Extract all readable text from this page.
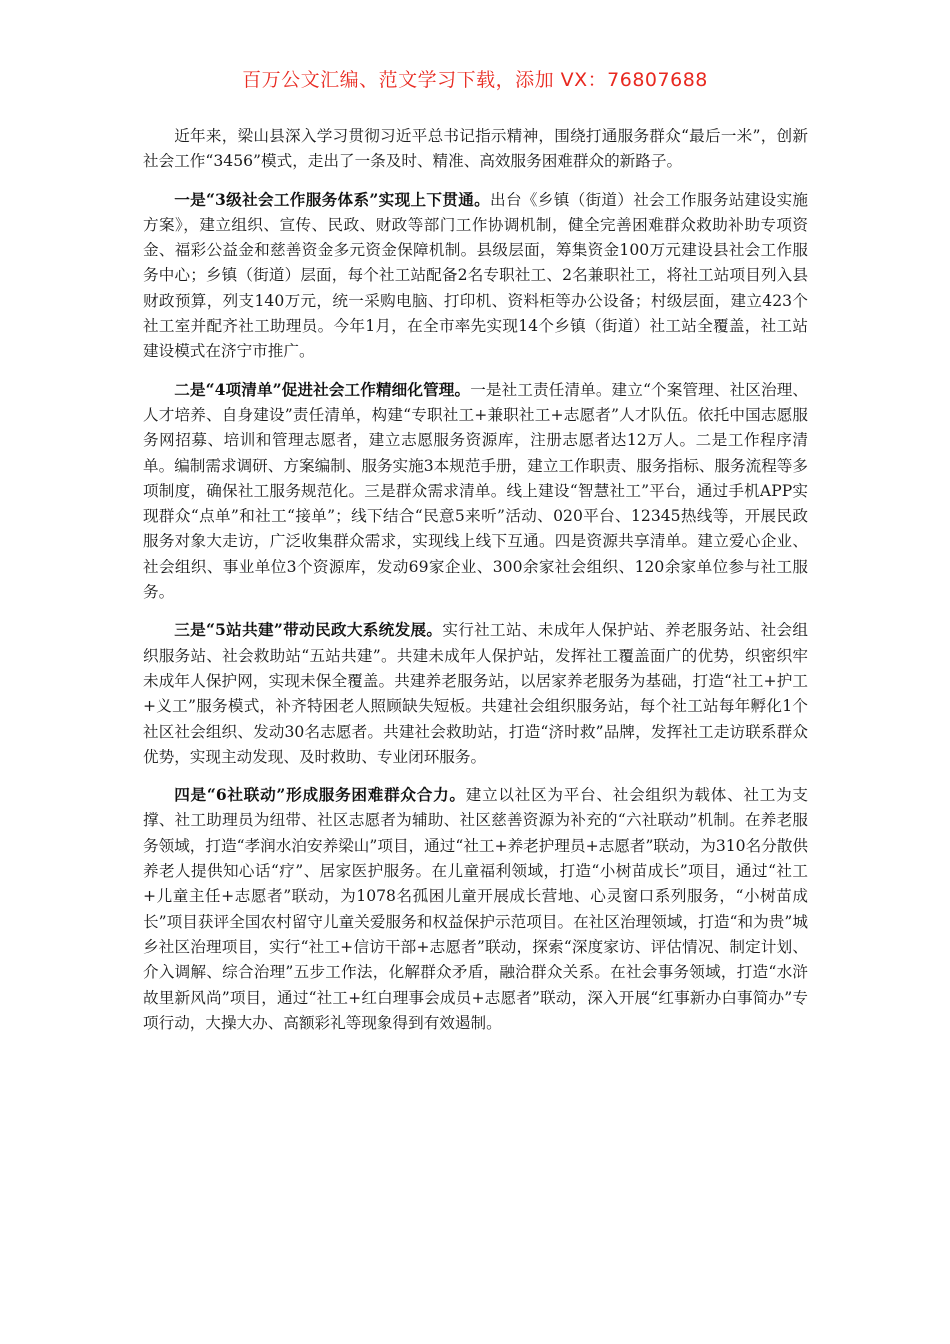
百万公文汇编、范文学习下载，添加 VX：76807688

近年来，梁山县深入学习贯彻习近平总书记指示精神，围绕打通服务群众“最后一米”，创新社会工作“3456”模式，走出了一条及时、精准、高效服务困难群众的新路子。

一是“3级社会工作服务体系”实现上下贯通。出台《乡镇（街道）社会工作服务站建设实施方案》，建立组织、宣传、民政、财政等部门工作协调机制，健全完善困难群众救助补助专项资金、福彩公益金和慈善资金多元资金保障机制。县级层面，筹集资金100万元建设县社会工作服务中心；乡镇（街道）层面，每个社工站配备2名专职社工、2名兼职社工，将社工站项目列入县财政预算，列支140万元，统一采购电脑、打印机、资料柜等办公设备；村级层面，建立423个社工室并配齐社工助理员。今年1月，在全市率先实现14个乡镇（街道）社工站全覆盖，社工站建设模式在济宁市推广。

二是“4项清单”促进社会工作精细化管理。一是社工责任清单。建立“个案管理、社区治理、人才培养、自身建设”责任清单，构建“专职社工+兼职社工+志愿者”人才队伍。依托中国志愿服务网招募、培训和管理志愿者，建立志愿服务资源库，注册志愿者达12万人。二是工作程序清单。编制需求调研、方案编制、服务实施3本规范手册，建立工作职责、服务指标、服务流程等多项制度，确保社工服务规范化。三是群众需求清单。线上建设“智慧社工”平台，通过手机APP实现群众“点单”和社工“接单”；线下结合“民意5来听”活动、020平台、12345热线等，开展民政服务对象大走访，广泛收集群众需求，实现线上线下互通。四是资源共享清单。建立爱心企业、社会组织、事业单位3个资源库，发动69家企业、300余家社会组织、120余家单位参与社工服务。

三是“5站共建”带动民政大系统发展。实行社工站、未成年人保护站、养老服务站、社会组织服务站、社会救助站“五站共建”。共建未成年人保护站，发挥社工覆盖面广的优势，织密织牢未成年人保护网，实现未保全覆盖。共建养老服务站，以居家养老服务为基础，打造“社工+护工+义工”服务模式，补齐特困老人照顾缺失短板。共建社会组织服务站，每个社工站每年孵化1个社区社会组织、发动30名志愿者。共建社会救助站，打造“济时救”品牌，发挥社工走访联系群众优势，实现主动发现、及时救助、专业闭环服务。

四是“6社联动”形成服务困难群众合力。建立以社区为平台、社会组织为载体、社工为支撑、社工助理员为纽带、社区志愿者为辅助、社区慈善资源为补充的“六社联动”机制。在养老服务领域，打造“孝润水泊安养梁山”项目，通过“社工+养老护理员+志愿者”联动，为310名分散供养老人提供知心话“疗”、居家医护服务。在儿童福利领域，打造“小树苗成长”项目，通过“社工+儿童主任+志愿者”联动，为1078名孤困儿童开展成长营地、心灵窗口系列服务，“小树苗成长”项目获评全国农村留守儿童关爱服务和权益保护示范项目。在社区治理领域，打造“和为贵”城乡社区治理项目，实行“社工+信访干部+志愿者”联动，探索“深度家访、评估情况、制定计划、介入调解、综合治理”五步工作法，化解群众矛盾，融洽群众关系。在社会事务领域，打造“水浒故里新风尚”项目，通过“社工+红白理事会成员+志愿者”联动，深入开展“红事新办白事简办”专项行动，大操大办、高额彩礼等现象得到有效遏制。
